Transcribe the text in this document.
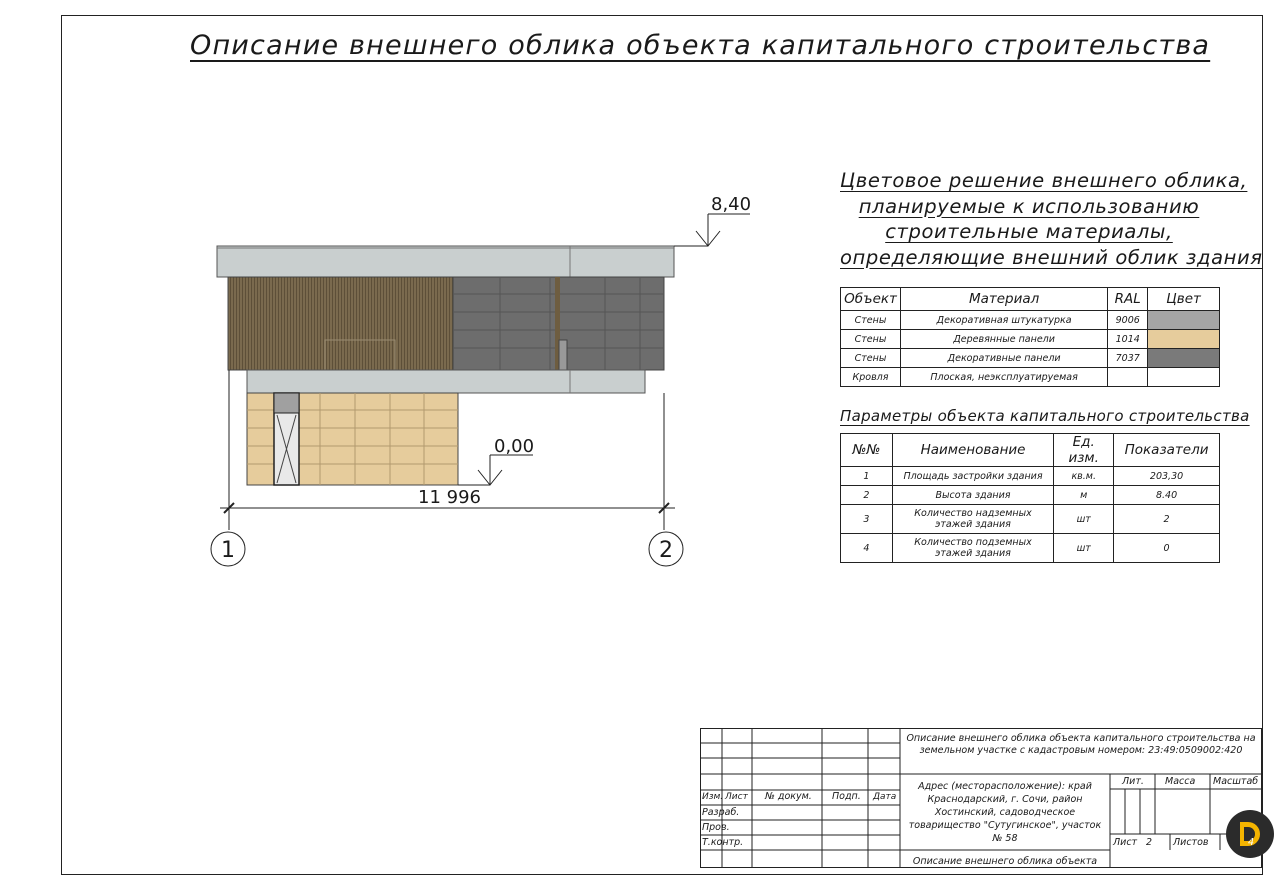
Описание внешнего облика объекта капитального строительства
8,40
0,00
11 996
1	2
Цветовое решение внешнего облика,
планируемые к использованию
строительные материалы,
определяющие внешний облик здания
Объект	Материал	RAL	Цвет
Стены	Декоративная штукатурка	9006	
Стены	Деревянные панели	1014	
Стены	Декоративные панели	7037	
Кровля	Плоская, неэксплуатируемая		
Параметры объекта капитального строительства
№№	Наименование	Ед. изм.	Показатели
1	Площадь застройки здания	кв.м.	203,30
2	Высота здания	м	8.40
3	Количество надземных этажей здания	шт	2
4	Количество подземных этажей здания	шт	0
Изм. Лист № докум. Подп. Дата
Разраб.
Пров.
Т.контр.
Описание внешнего облика объекта капитального строительства на земельном участке с кадастровым номером: 23:49:0509002:420
Адрес (месторасположение): край Краснодарский, г. Сочи, район Хостинский, садоводческое товарищество "Сутугинское", участок № 58
Описание внешнего облика объекта
Лит. Масса Масштаб
Лист 2 Листов	4
